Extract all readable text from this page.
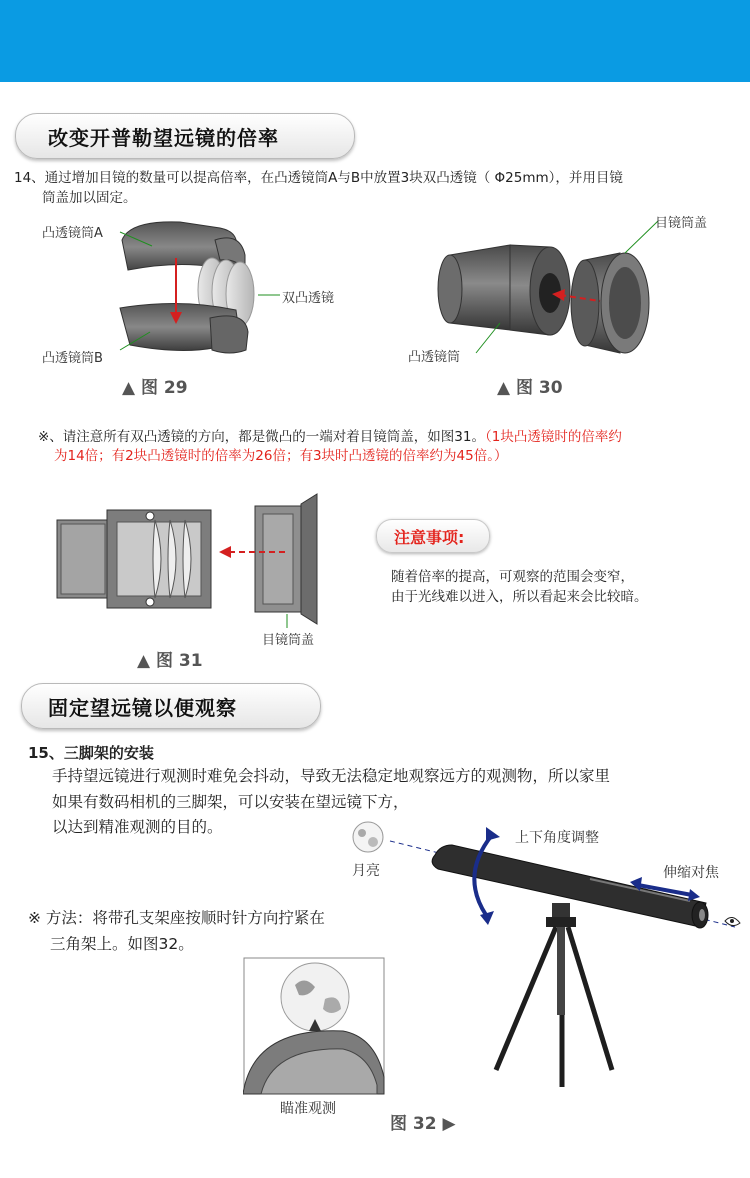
改变开普勒望远镜的倍率
14、通过增加目镜的数量可以提高倍率，在凸透镜筒A与B中放置3块双凸透镜（ Φ25mm），并用目镜
筒盖加以固定。
凸透镜筒A
双凸透镜
凸透镜筒B
▲ 图 29
目镜筒盖
凸透镜筒
▲ 图 30
※、请注意所有双凸透镜的方向，都是微凸的一端对着目镜筒盖，如图31。（1块凸透镜时的倍率约
为14倍；有2块凸透镜时的倍率为26倍；有3块时凸透镜的倍率约为45倍。）
目镜筒盖
▲ 图 31
注意事项:
随着倍率的提高，可观察的范围会变窄，
由于光线难以进入，所以看起来会比较暗。
固定望远镜以便观察
15、三脚架的安装
手持望远镜进行观测时难免会抖动，导致无法稳定地观察远方的观测物，所以家里
如果有数码相机的三脚架，可以安装在望远镜下方，
以达到精准观测的目的。
※ 方法：将带孔支架座按顺时针方向拧紧在
三角架上。如图32。
月亮
上下角度调整
伸缩对焦
瞄准观测
图 32 ▶
